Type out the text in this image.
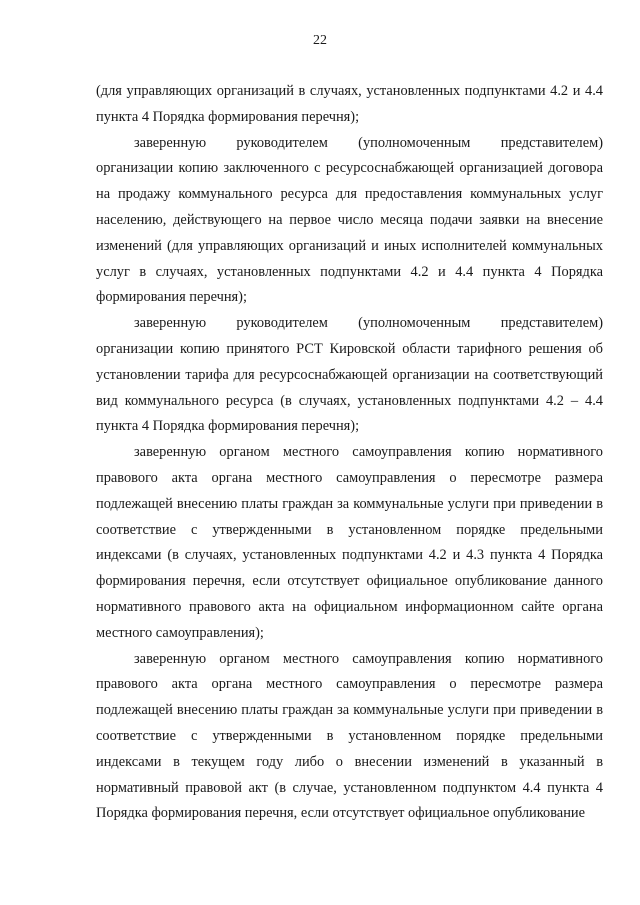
22

(для управляющих организаций в случаях, установленных подпунктами 4.2 и 4.4 пункта 4 Порядка формирования перечня);

заверенную руководителем (уполномоченным представителем) организации копию заключенного с ресурсоснабжающей организацией договора на продажу коммунального ресурса для предоставления коммунальных услуг населению, действующего на первое число месяца подачи заявки на внесение изменений (для управляющих организаций и иных исполнителей коммунальных услуг в случаях, установленных подпунктами 4.2 и 4.4 пункта 4 Порядка формирования перечня);

заверенную руководителем (уполномоченным представителем) организации копию принятого РСТ Кировской области тарифного решения об установлении тарифа для ресурсоснабжающей организации на соответствующий вид коммунального ресурса (в случаях, установленных подпунктами 4.2 – 4.4 пункта 4 Порядка формирования перечня);

заверенную органом местного самоуправления копию нормативного правового акта органа местного самоуправления о пересмотре размера подлежащей внесению платы граждан за коммунальные услуги при приведении в соответствие с утвержденными в установленном порядке предельными индексами (в случаях, установленных подпунктами 4.2 и 4.3 пункта 4 Порядка формирования перечня, если отсутствует официальное опубликование данного нормативного правового акта на официальном информационном сайте органа местного самоуправления);

заверенную органом местного самоуправления копию нормативного правового акта органа местного самоуправления о пересмотре размера подлежащей внесению платы граждан за коммунальные услуги при приведении в соответствие с утвержденными в установленном порядке предельными индексами в текущем году либо о внесении изменений в указанный в нормативный правовой акт (в случае, установленном подпунктом 4.4 пункта 4 Порядка формирования перечня, если отсутствует официальное опубликование
